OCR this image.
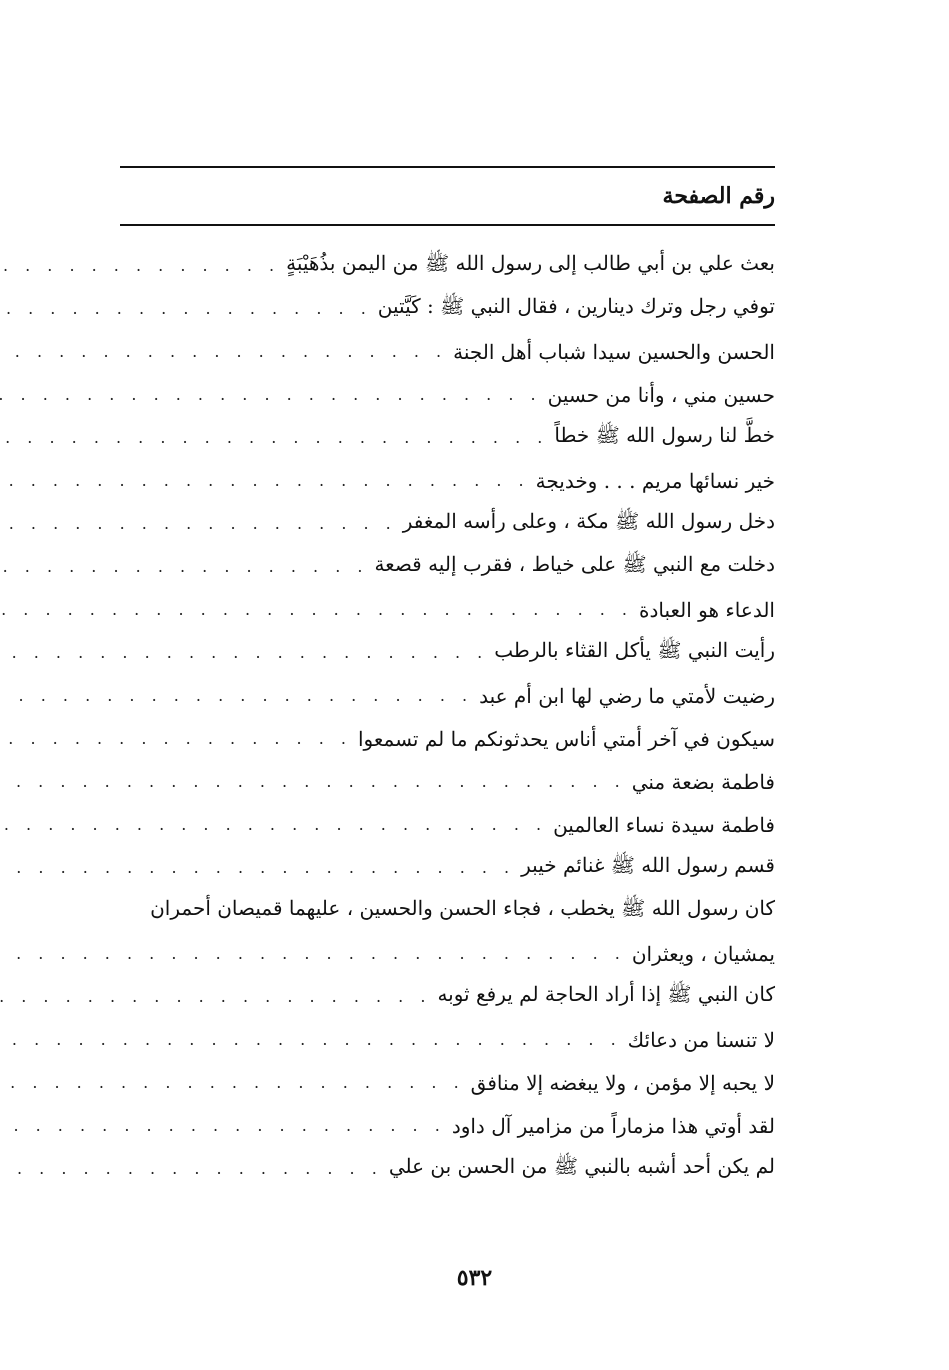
رقم الصفحة
بعث علي بن أبي طالب إلى رسول الله ﷺ من اليمن بذُهَيْبَةٍ
. . .
توفي رجل وترك دينارين ، فقال النبي ﷺ : كَيَّتين
. . .
الحسن والحسين سيدا شباب أهل الجنة
. . .
حسين مني ، وأنا من حسين
. . .
خطَّ لنا رسول الله ﷺ خطاً
. . .
خير نسائها مريم . . . وخديجة
. . .
دخل رسول الله ﷺ مكة ، وعلى رأسه المغفر
. . .
دخلت مع النبي ﷺ على خياط ، فقرب إليه قصعة
. . .
الدعاء هو العبادة
. . .
رأيت النبي ﷺ يأكل القثاء بالرطب
. . .
رضيت لأمتي ما رضي لها ابن أم عبد
. . .
سيكون في آخر أمتي أناس يحدثونكم ما لم تسمعوا
. . .
فاطمة بضعة مني
. . .
فاطمة سيدة نساء العالمين
. . .
قسم رسول الله ﷺ غنائم خيبر
. . .
كان رسول الله ﷺ يخطب ، فجاء الحسن والحسين ، عليهما قميصان أحمران
يمشيان ، ويعثران
. . .
كان النبي ﷺ إذا أراد الحاجة لم يرفع ثوبه
. . .
لا تنسنا من دعائك
. . .
لا يحبه إلا مؤمن ، ولا يبغضه إلا منافق
. . .
لقد أوتي هذا مزماراً من مزامير آل داود
. . .
لم يكن أحد أشبه بالنبي ﷺ من الحسن بن علي
. . .
٥٣٢
